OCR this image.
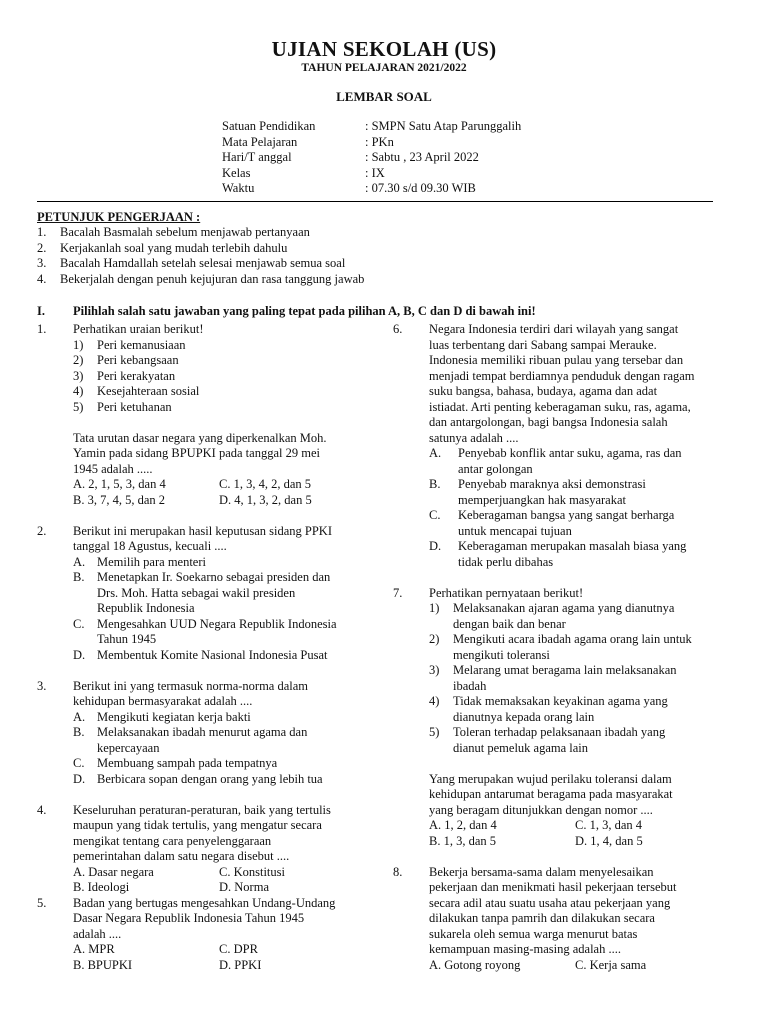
UJIAN SEKOLAH (US)
TAHUN PELAJARAN 2021/2022
LEMBAR SOAL
Satuan Pendidikan	: SMPN Satu Atap Parunggalih
Mata Pelajaran	: PKn
Hari/T anggal	: Sabtu , 23 April 2022
Kelas	: IX
Waktu	: 07.30 s/d 09.30 WIB
PETUNJUK PENGERJAAN :
1.	Bacalah Basmalah sebelum menjawab pertanyaan
2.	Kerjakanlah soal yang mudah terlebih dahulu
3.	Bacalah Hamdallah setelah selesai menjawab semua soal
4.	Bekerjalah dengan penuh kejujuran dan rasa tanggung jawab
I.	Pilihlah salah satu jawaban yang paling tepat pada pilihan A, B, C dan D di bawah ini!
1.	Perhatikan uraian berikut!
1)	Peri kemanusiaan
2)	Peri kebangsaan
3)	Peri kerakyatan
4)	Kesejahteraan sosial
5)	Peri ketuhanan
Tata urutan dasar negara yang diperkenalkan Moh.
Yamin pada sidang BPUPKI pada tanggal 29 mei
1945 adalah .....
A. 2, 1, 5, 3, dan 4	C. 1, 3, 4, 2, dan 5
B. 3, 7, 4, 5, dan 2	D. 4, 1, 3, 2, dan 5
2.	Berikut ini merupakan hasil keputusan sidang PPKI
tanggal 18 Agustus, kecuali ....
A. Memilih para menteri
B.	Menetapkan Ir. Soekarno sebagai presiden dan
Drs. Moh. Hatta sebagai wakil presiden
Republik Indonesia
C.	Mengesahkan UUD Negara Republik Indonesia
Tahun 1945
D. Membentuk Komite Nasional Indonesia Pusat
3.	Berikut ini yang termasuk norma-norma dalam
kehidupan bermasyarakat adalah ....
A. Mengikuti kegiatan kerja bakti
B.	Melaksanakan ibadah menurut agama dan
kepercayaan
C.	Membuang sampah pada tempatnya
D. Berbicara sopan dengan orang yang lebih tua
4.	Keseluruhan peraturan-peraturan, baik yang tertulis
maupun yang tidak tertulis, yang mengatur secara
mengikat tentang cara penyelenggaraan
pemerintahan dalam satu negara disebut ....
A. Dasar negara	C. Konstitusi
B. Ideologi	D. Norma
5.	Badan yang bertugas mengesahkan Undang-Undang
Dasar Negara Republik Indonesia Tahun 1945
adalah ....
A. MPR	C. DPR
B. BPUPKI	D. PPKI
6.	Negara Indonesia terdiri dari wilayah yang sangat
luas terbentang dari Sabang sampai Merauke.
Indonesia memiliki ribuan pulau yang tersebar dan
menjadi tempat berdiamnya penduduk dengan ragam
suku bangsa, bahasa, budaya, agama dan adat
istiadat. Arti penting keberagaman suku, ras, agama,
dan antargolongan, bagi bangsa Indonesia salah
satunya adalah ....
A.	Penyebab konflik antar suku, agama, ras dan
antar golongan
B.	Penyebab maraknya aksi demonstrasi
memperjuangkan hak masyarakat
C.	Keberagaman bangsa yang sangat berharga
untuk mencapai tujuan
D.	Keberagaman merupakan masalah biasa yang
tidak perlu dibahas
7.	Perhatikan pernyataan berikut!
1)	Melaksanakan ajaran agama yang dianutnya
dengan baik dan benar
2)	Mengikuti acara ibadah agama orang lain untuk
mengikuti toleransi
3)	Melarang umat beragama lain melaksanakan
ibadah
4)	Tidak memaksakan keyakinan agama yang
dianutnya kepada orang lain
5)	Toleran terhadap pelaksanaan ibadah yang
dianut pemeluk agama lain
Yang merupakan wujud perilaku toleransi dalam
kehidupan antarumat beragama pada masyarakat
yang beragam ditunjukkan dengan nomor ....
A. 1, 2, dan 4	C. 1, 3, dan 4
B. 1, 3, dan 5	D. 1, 4, dan 5
8.	Bekerja bersama-sama dalam menyelesaikan
pekerjaan dan menikmati hasil pekerjaan tersebut
secara adil atau suatu usaha atau pekerjaan yang
dilakukan tanpa pamrih dan dilakukan secara
sukarela oleh semua warga menurut batas
kemampuan masing-masing adalah ....
A. Gotong royong	C. Kerja sama
